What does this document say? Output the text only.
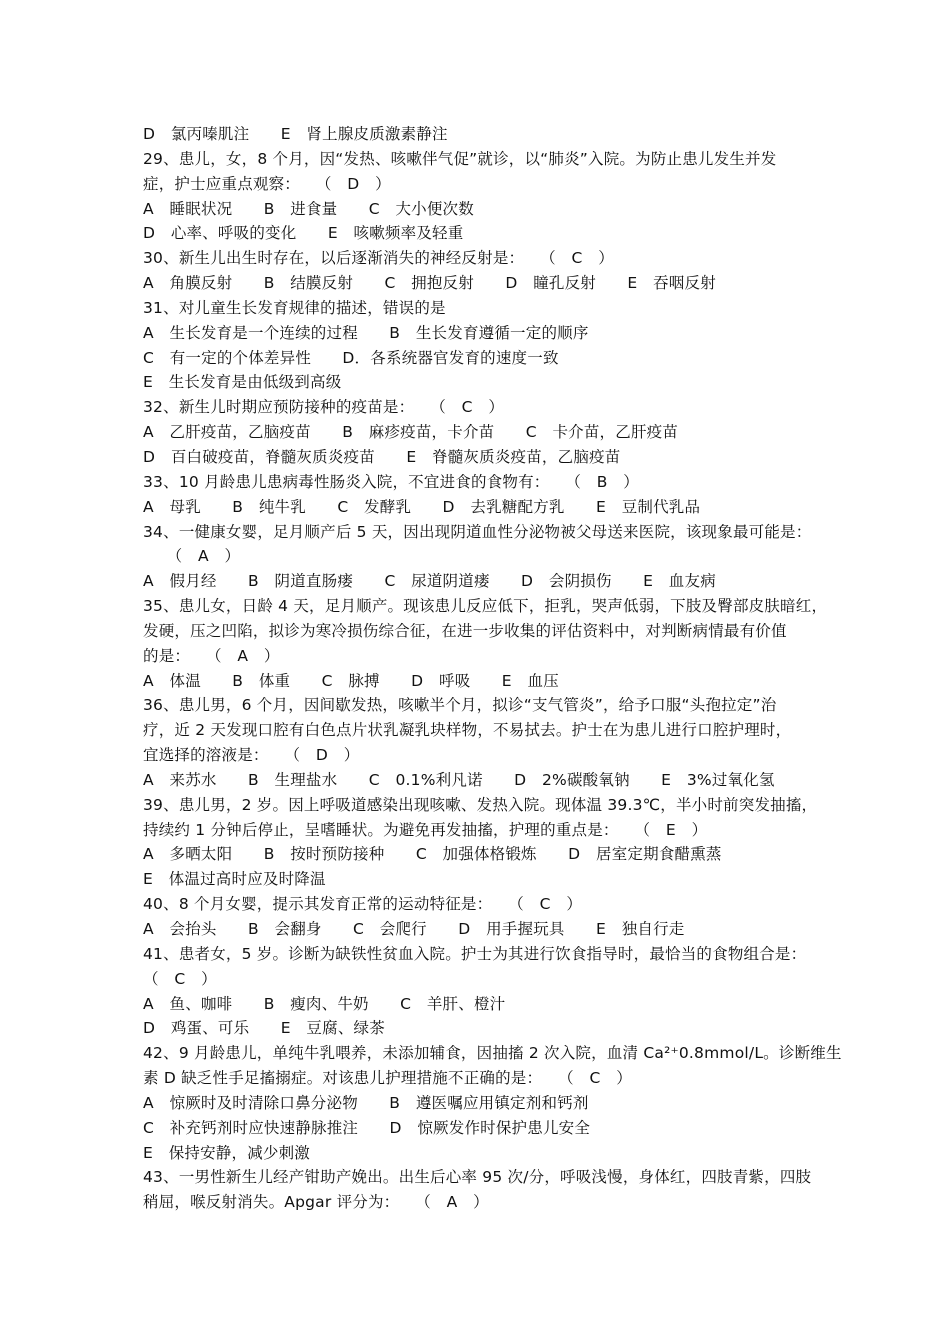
D　氯丙嗪肌注　　E　肾上腺皮质激素静注
29、患儿，女，8 个月，因“发热、咳嗽伴气促”就诊，以“肺炎”入院。为防止患儿发生并发
症，护士应重点观察：　　（　D　）
A　睡眠状况　　B　进食量　　C　大小便次数
D　心率、呼吸的变化　　E　咳嗽频率及轻重
30、新生儿出生时存在，以后逐渐消失的神经反射是：　　（　C　）
A　角膜反射　　B　结膜反射　　C　拥抱反射　　D　瞳孔反射　　E　吞咽反射
31、对儿童生长发育规律的描述，错误的是
A　生长发育是一个连续的过程　　B　生长发育遵循一定的顺序
C　有一定的个体差异性　　D．各系统器官发育的速度一致
E　生长发育是由低级到高级
32、新生儿时期应预防接种的疫苗是：　　（　C　）
A　乙肝疫苗，乙脑疫苗　　B　麻疹疫苗，卡介苗　　C　卡介苗，乙肝疫苗
D　百白破疫苗，脊髓灰质炎疫苗　　E　脊髓灰质炎疫苗，乙脑疫苗
33、10 月龄患儿患病毒性肠炎入院，不宜进食的食物有：　　（　B　）
A　母乳　　B　纯牛乳　　C　发酵乳　　D　去乳糖配方乳　　E　豆制代乳品
34、一健康女婴，足月顺产后 5 天，因出现阴道血性分泌物被父母送来医院，该现象最可能是：
　　（　A　）
A　假月经　　B　阴道直肠瘘　　C　尿道阴道瘘　　D　会阴损伤　　E　血友病
35、患儿女，日龄 4 天，足月顺产。现该患儿反应低下，拒乳，哭声低弱，下肢及臀部皮肤暗红，
发硬，压之凹陷，拟诊为寒冷损伤综合征，在进一步收集的评估资料中，对判断病情最有价值
的是：　　（　A　）
A　体温　　B　体重　　C　脉搏　　D　呼吸　　E　血压
36、患儿男，6 个月，因间歇发热，咳嗽半个月，拟诊“支气管炎”，给予口服“头孢拉定”治
疗，近 2 天发现口腔有白色点片状乳凝乳块样物，不易拭去。护士在为患儿进行口腔护理时，
宜选择的溶液是：　　（　D　）
A　来苏水　　B　生理盐水　　C　0.1%利凡诺　　D　2%碳酸氧钠　　E　3%过氧化氢
39、患儿男，2 岁。因上呼吸道感染出现咳嗽、发热入院。现体温 39.3℃，半小时前突发抽搐，
持续约 1 分钟后停止，呈嗜睡状。为避免再发抽搐，护理的重点是：　　（　E　）
A　多晒太阳　　B　按时预防接种　　C　加强体格锻炼　　D　居室定期食醋熏蒸
E　体温过高时应及时降温
40、8 个月女婴，提示其发育正常的运动特征是：　　（　C　）
A　会抬头　　B　会翻身　　C　会爬行　　D　用手握玩具　　E　独自行走
41、患者女，5 岁。诊断为缺铁性贫血入院。护士为其进行饮食指导时，最恰当的食物组合是：
（　C　）
A　鱼、咖啡　　B　瘦肉、牛奶　　C　羊肝、橙汁
D　鸡蛋、可乐　　E　豆腐、绿茶
42、9 月龄患儿，单纯牛乳喂养，未添加辅食，因抽搐 2 次入院，血清 Ca²⁺0.8mmol/L。诊断维生
素 D 缺乏性手足搐搦症。对该患儿护理措施不正确的是：　　（　C　）
A　惊厥时及时清除口鼻分泌物　　B　遵医嘱应用镇定剂和钙剂
C　补充钙剂时应快速静脉推注　　D　惊厥发作时保护患儿安全
E　保持安静，减少刺激
43、一男性新生儿经产钳助产娩出。出生后心率 95 次/分，呼吸浅慢，身体红，四肢青紫，四肢
稍屈，喉反射消失。Apgar 评分为：　　（　A　）
